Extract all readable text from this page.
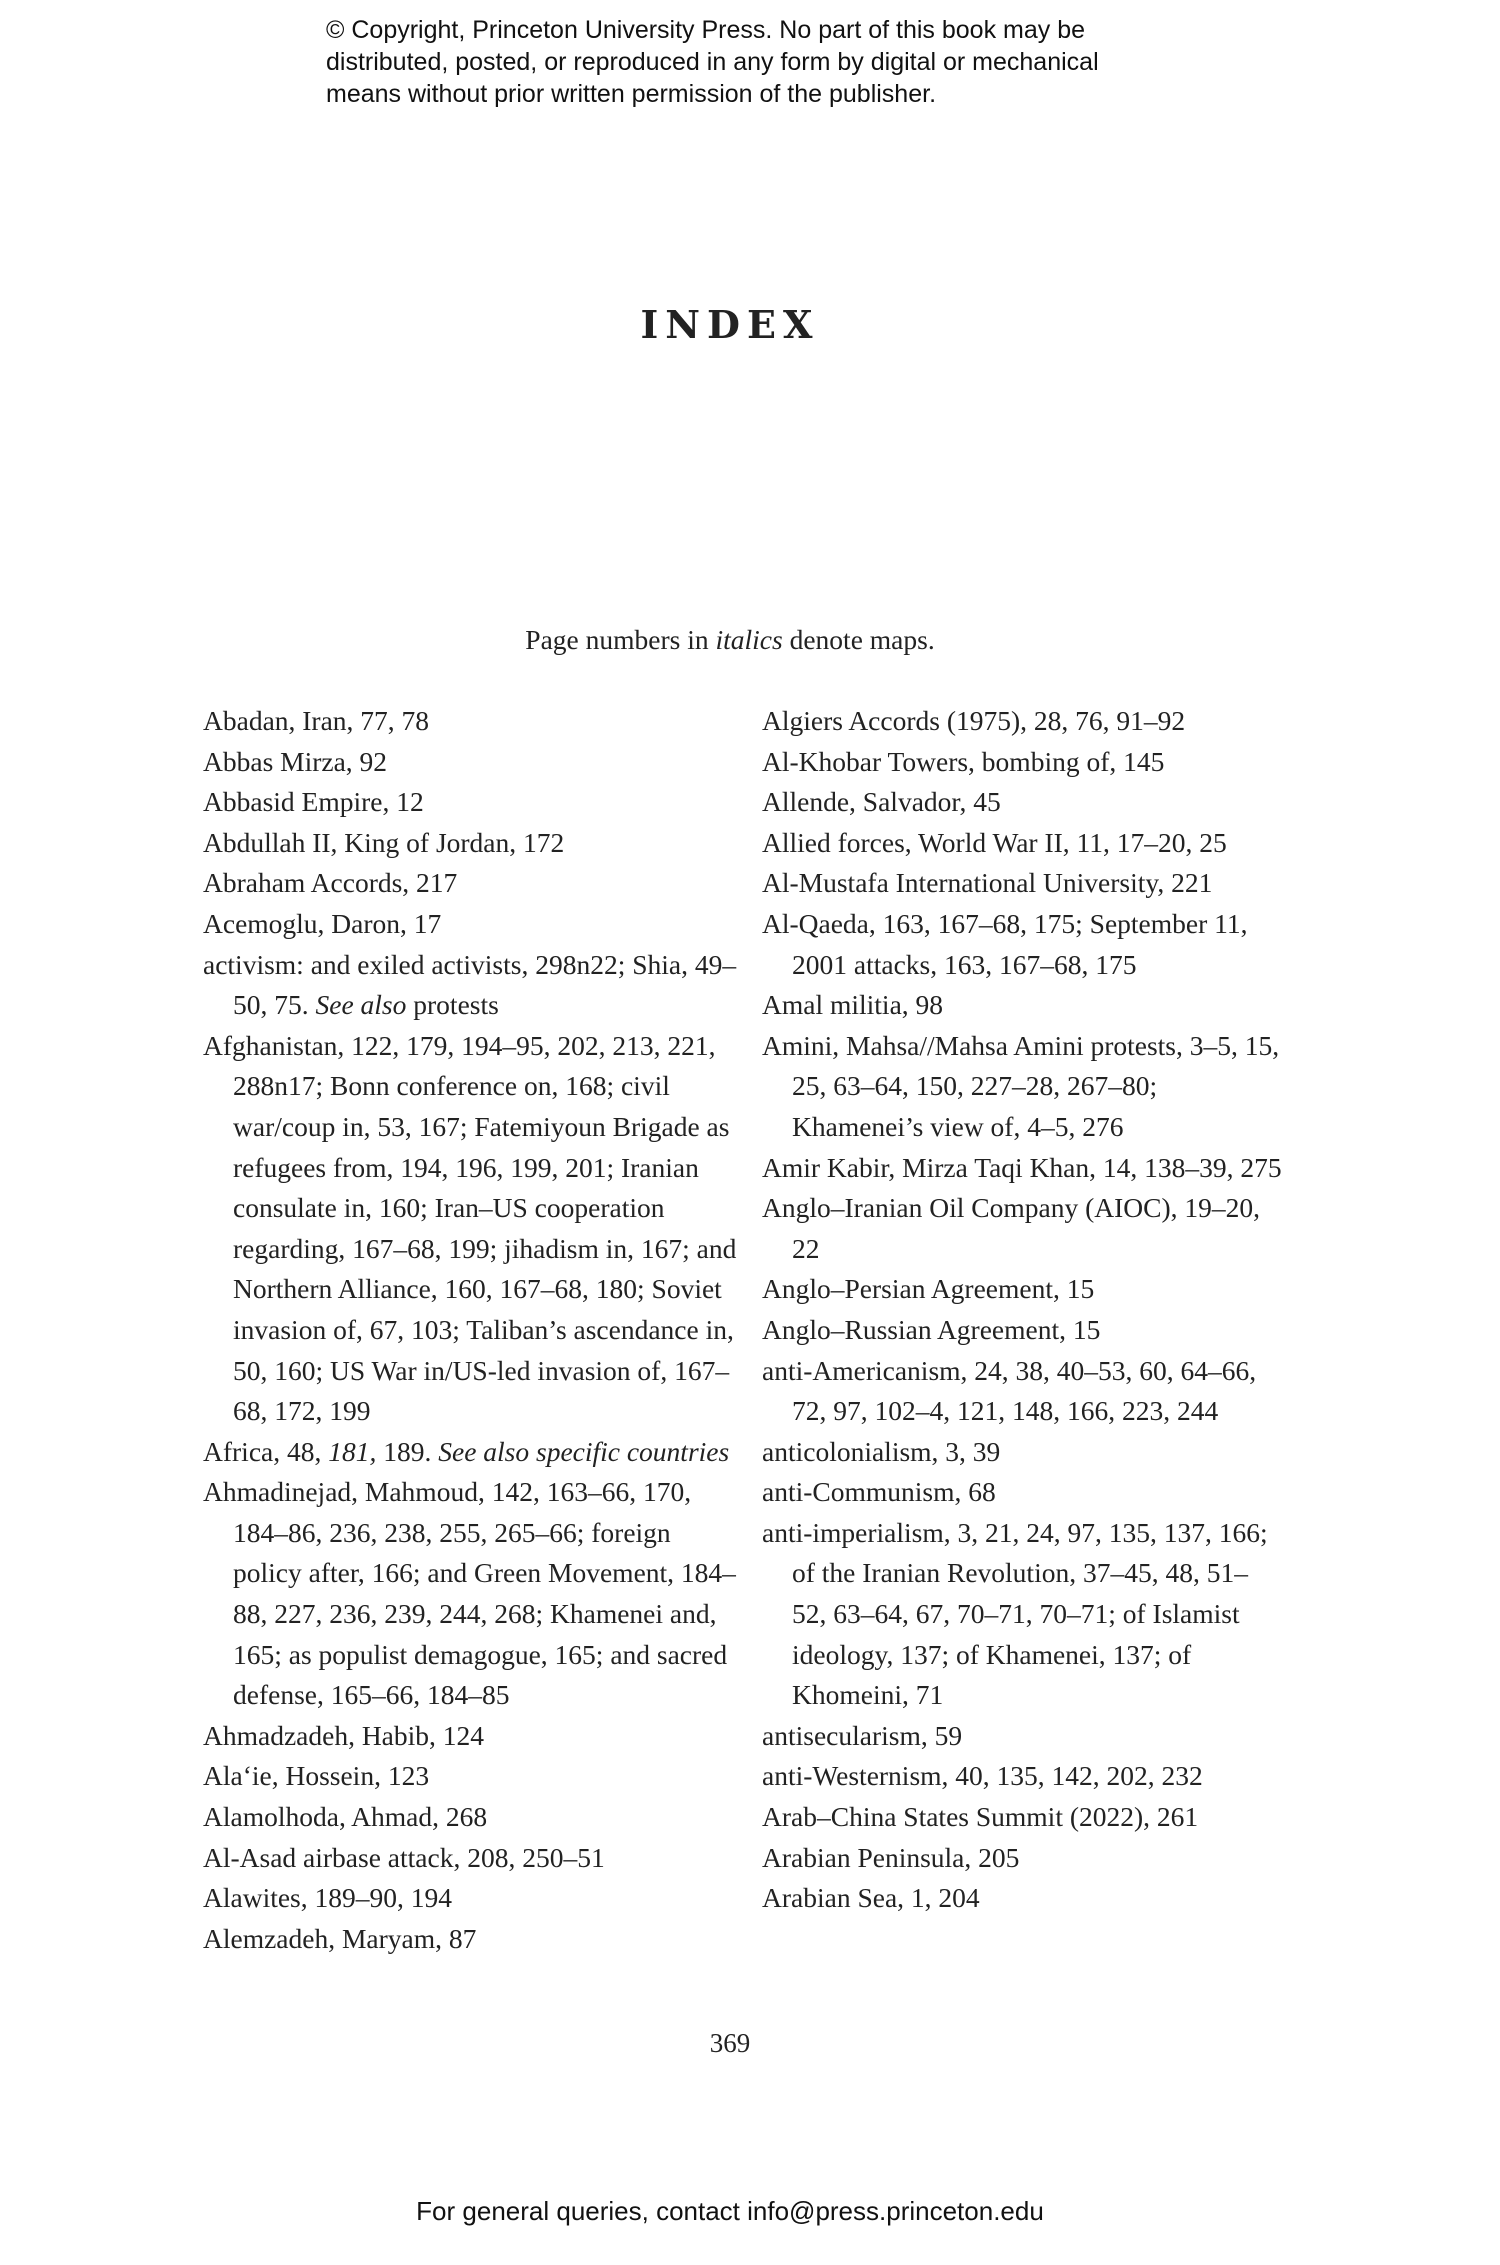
© Copyright, Princeton University Press. No part of this book may be
distributed, posted, or reproduced in any form by digital or mechanical
means without prior written permission of the publisher.
INDEX
Page numbers in italics denote maps.
Abadan, Iran, 77, 78
Abbas Mirza, 92
Abbasid Empire, 12
Abdullah II, King of Jordan, 172
Abraham Accords, 217
Acemoglu, Daron, 17
activism: and exiled activists, 298n22; Shia, 49–50, 75. See also protests
Afghanistan, 122, 179, 194–95, 202, 213, 221, 288n17; Bonn conference on, 168; civil war/coup in, 53, 167; Fatemiyoun Brigade as refugees from, 194, 196, 199, 201; Iranian consulate in, 160; Iran–US cooperation regarding, 167–68, 199; jihadism in, 167; and Northern Alliance, 160, 167–68, 180; Soviet invasion of, 67, 103; Taliban’s ascendance in, 50, 160; US War in/US-led invasion of, 167–68, 172, 199
Africa, 48, 181, 189. See also specific countries
Ahmadinejad, Mahmoud, 142, 163–66, 170, 184–86, 236, 238, 255, 265–66; foreign policy after, 166; and Green Movement, 184–88, 227, 236, 239, 244, 268; Khamenei and, 165; as populist demagogue, 165; and sacred defense, 165–66, 184–85
Ahmadzadeh, Habib, 124
Ala‘ie, Hossein, 123
Alamolhoda, Ahmad, 268
Al-Asad airbase attack, 208, 250–51
Alawites, 189–90, 194
Alemzadeh, Maryam, 87
Algiers Accords (1975), 28, 76, 91–92
Al-Khobar Towers, bombing of, 145
Allende, Salvador, 45
Allied forces, World War II, 11, 17–20, 25
Al-Mustafa International University, 221
Al-Qaeda, 163, 167–68, 175; September 11, 2001 attacks, 163, 167–68, 175
Amal militia, 98
Amini, Mahsa//Mahsa Amini protests, 3–5, 15, 25, 63–64, 150, 227–28, 267–80; Khamenei’s view of, 4–5, 276
Amir Kabir, Mirza Taqi Khan, 14, 138–39, 275
Anglo–Iranian Oil Company (AIOC), 19–20, 22
Anglo–Persian Agreement, 15
Anglo–Russian Agreement, 15
anti-Americanism, 24, 38, 40–53, 60, 64–66, 72, 97, 102–4, 121, 148, 166, 223, 244
anticolonialism, 3, 39
anti-Communism, 68
anti-imperialism, 3, 21, 24, 97, 135, 137, 166; of the Iranian Revolution, 37–45, 48, 51–52, 63–64, 67, 70–71, 70–71; of Islamist ideology, 137; of Khamenei, 137; of Khomeini, 71
antisecularism, 59
anti-Westernism, 40, 135, 142, 202, 232
Arab–China States Summit (2022), 261
Arabian Peninsula, 205
Arabian Sea, 1, 204
369
For general queries, contact info@press.princeton.edu
